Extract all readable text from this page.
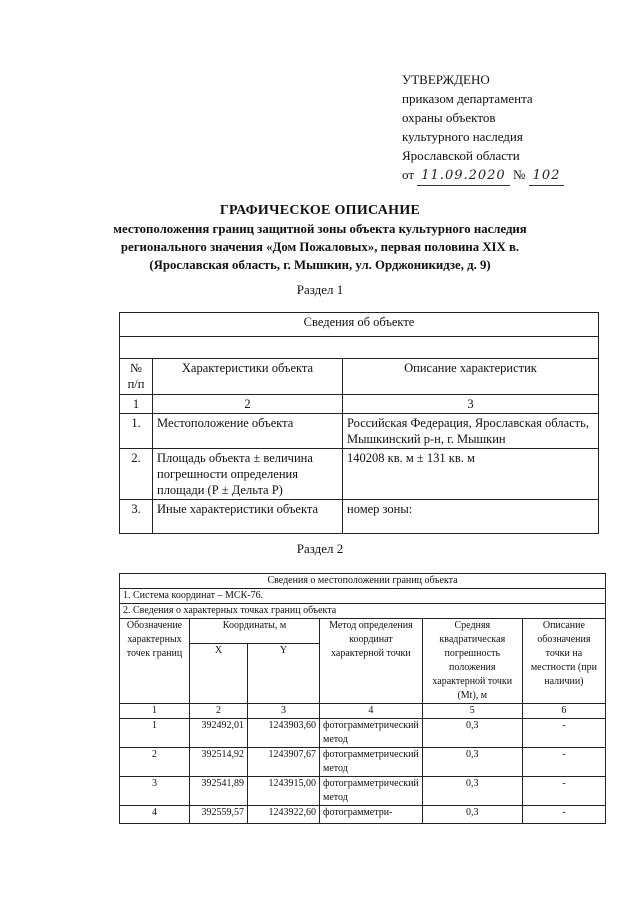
УТВЕРЖДЕНО
приказом департамента
охраны объектов
культурного наследия
Ярославской области
от 11.09.2020 № 102
ГРАФИЧЕСКОЕ ОПИСАНИЕ
местоположения границ защитной зоны объекта культурного наследия
регионального значения «Дом Пожаловых», первая половина XIX в.
(Ярославская область, г. Мышкин, ул. Орджоникидзе, д. 9)
Раздел 1
Сведения об объекте		

№ п/п	Характеристики объекта	Описание характеристик
1	2	3
1.	Местоположение объекта	Российская Федерация, Ярославская область, Мышкинский р-н, г. Мышкин
2.	Площадь объекта ± величина погрешности определения площади (Р ± Дельта Р)	140208 кв. м ± 131 кв. м
3.	Иные характеристики объекта	номер зоны:
Раздел 2
Сведения о местоположении границ объекта					
1. Система координат – МСК-76.					
2. Сведения о характерных точках границ объекта					
Обозначение характерных точек границ	Координаты, м		Метод определения координат характерной точки	Средняя квадратическая погрешность положения характерной точки (Mt), м	Описание обозначения точки на местности (при наличии)
	X	Y			
1	2	3	4	5	6
1	392492,01	1243903,60	фотограмметрический метод	0,3	-
2	392514,92	1243907,67	фотограмметрический метод	0,3	-
3	392541,89	1243915,00	фотограмметрический метод	0,3	-
4	392559,57	1243922,60	фотограмметри-	0,3	-
